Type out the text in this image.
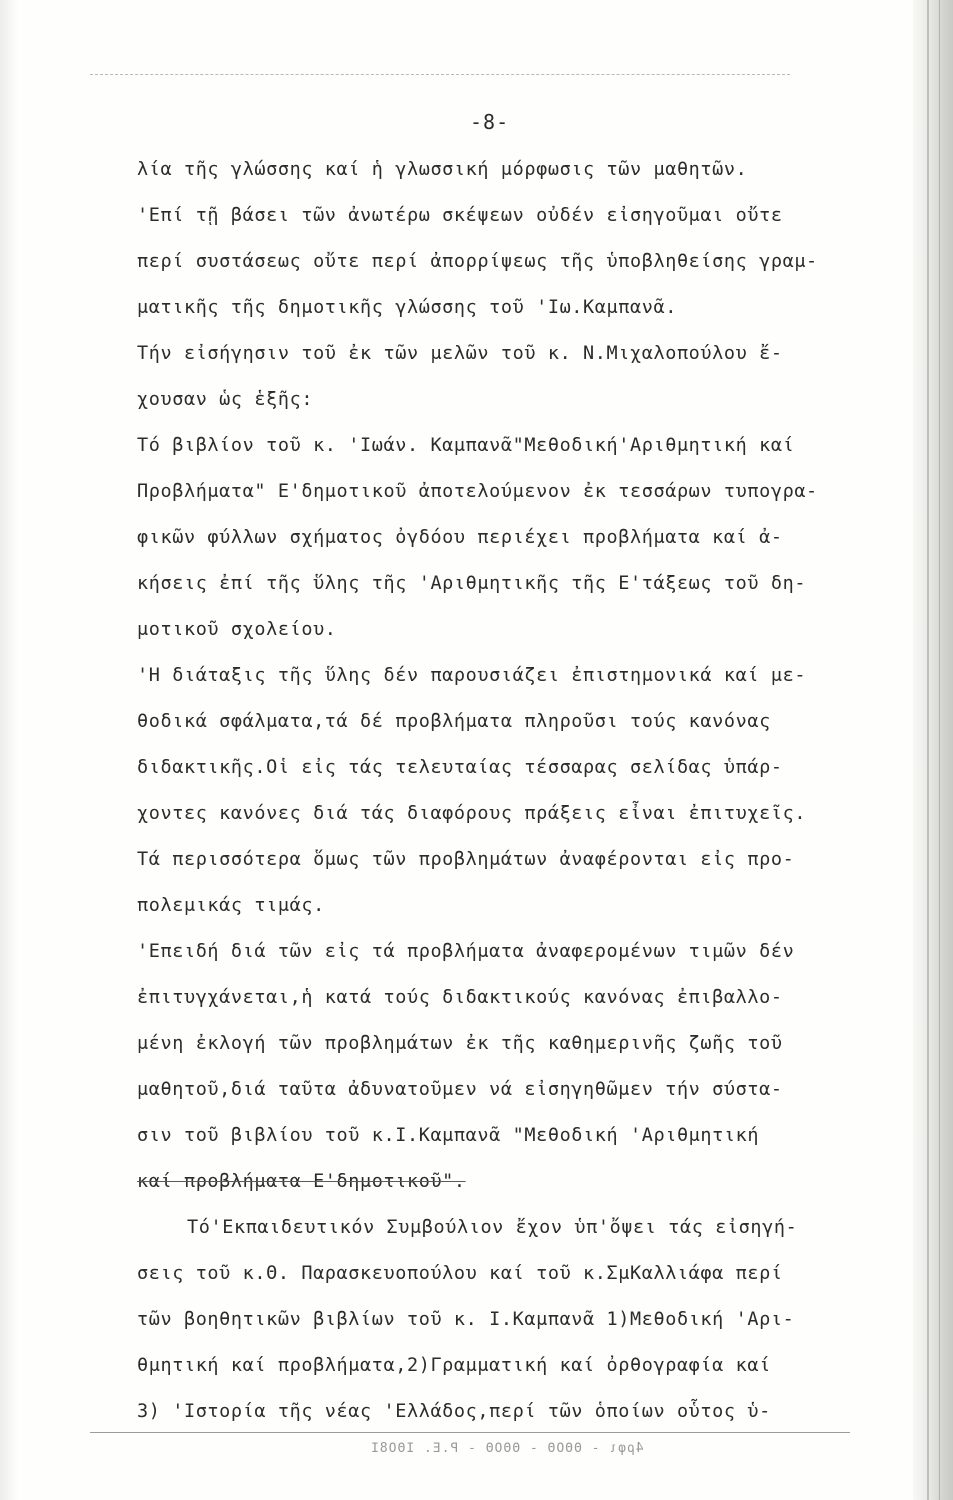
-8-
λία τῆς γλώσσης καί ἡ γλωσσική μόρφωσις τῶν μαθητῶν.
'Επί τῇ βάσει τῶν ἀνωτέρω σκέψεων οὐδέν εἰσηγοῦμαι οὔτε
περί συστάσεως οὔτε περί ἀπορρίψεως τῆς ὑποβληθείσης γραμ-
ματικῆς τῆς δημοτικῆς γλώσσης τοῦ 'Ιω.Καμπανᾶ.
Τήν εἰσήγησιν τοῦ ἐκ τῶν μελῶν τοῦ κ. Ν.Μιχαλοπούλου ἔ-
χουσαν ὡς ἑξῆς:
Τό βιβλίον τοῦ κ. 'Ιωάν. Καμπανᾶ"Μεθοδική'Αριθμητική καί
Προβλήματα" Ε'δημοτικοῦ ἀποτελούμενον ἐκ τεσσάρων τυπογρα-
φικῶν φύλλων σχήματος ὀγδόου περιέχει προβλήματα καί ἀ-
κήσεις ἐπί τῆς ὕλης τῆς 'Αριθμητικῆς τῆς Ε'τάξεως τοῦ δη-
μοτικοῦ σχολείου.
'Η διάταξις τῆς ὕλης δέν παρουσιάζει ἐπιστημονικά καί με-
θοδικά σφάλματα,τά δέ προβλήματα πληροῦσι τούς κανόνας
διδακτικῆς.Οἱ εἰς τάς τελευταίας τέσσαρας σελίδας ὑπάρ-
χοντες κανόνες διά τάς διαφόρους πράξεις εἶναι ἐπιτυχεῖς.
Τά περισσότερα ὅμως τῶν προβλημάτων ἀναφέρονται εἰς προ-
πολεμικάς τιμάς.
'Επειδή διά τῶν εἰς τά προβλήματα ἀναφερομένων τιμῶν δέν
ἐπιτυγχάνεται,ἡ κατά τούς διδακτικούς κανόνας ἐπιβαλλο-
μένη ἐκλογή τῶν προβλημάτων ἐκ τῆς καθημερινῆς ζωῆς τοῦ
μαθητοῦ,διά ταῦτα ἀδυνατοῦμεν νά εἰσηγηθῶμεν τήν σύστα-
σιν τοῦ βιβλίου τοῦ κ.Ι.Καμπανᾶ "Μεθοδική 'Αριθμητική
καί προβλήματα Ε'δημοτικοῦ".
Τό'Εκπαιδευτικόν Συμβούλιον ἔχον ὑπ'ὄψει τάς εἰσηγή-
σεις τοῦ κ.Θ. Παρασκευοπούλου καί τοῦ κ.ΣμΚαλλιάφα περί
τῶν βοηθητικῶν βιβλίων τοῦ κ. Ι.Καμπανᾶ 1)Μεθοδική 'Αρι-
θμητική καί προβλήματα,2)Γραμματική καί ὀρθογραφία καί
3) 'Ιστορία τῆς νέας 'Ελλάδος,περί τῶν ὁποίων οὗτος ὑ-
4ρφι - ΘΘΟΘ - ΘΘΟΘ - Ρ.Ε. ΙΘΟ8Ι
